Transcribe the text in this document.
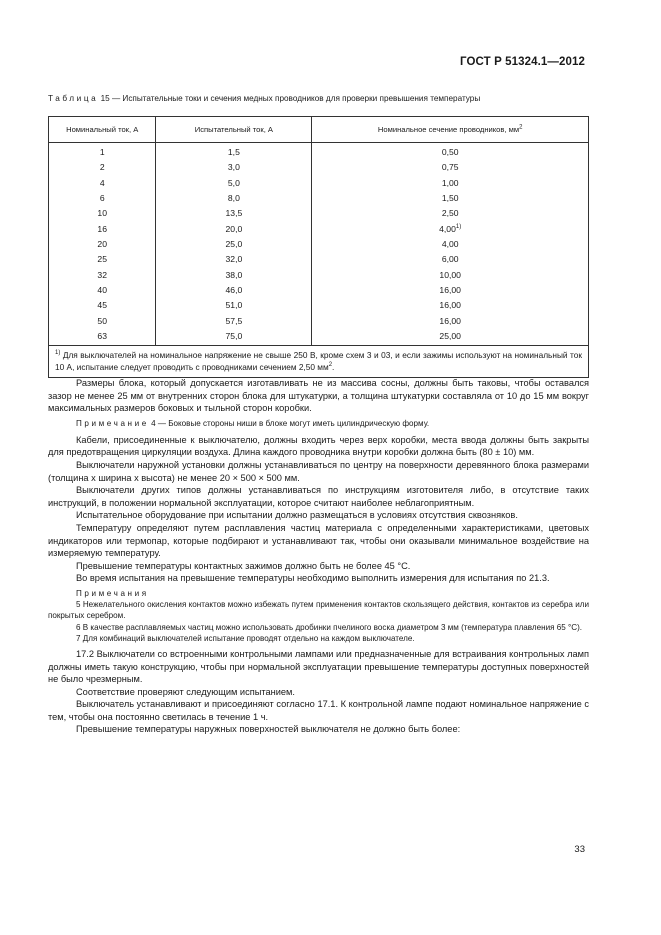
ГОСТ Р 51324.1—2012
Таблица 15 — Испытательные токи и сечения медных проводников для проверки превышения температуры
Номинальный ток, А	Испытательный ток, А	Номинальное сечение проводников, $мм^2$
1	1,5	0,50
2	3,0	0,75
4	5,0	1,00
6	8,0	1,50
10	13,5	2,50
16	20,0	4,00$^{1)}$
20	25,0	4,00
25	32,0	6,00
32	38,0	10,00
40	46,0	16,00
45	51,0	16,00
50	57,5	16,00
63	75,0	25,00
$^{1)}$ Для выключателей на номинальное напряжение не свыше 250 В, кроме схем 3 и 03, и если зажимы используют на номинальный ток 10 А, испытание следует проводить с проводниками сечением 2,50 $мм^2$.		

Размеры блока, который допускается изготавливать не из массива сосны, должны быть таковы, чтобы оставался зазор не менее 25 мм от внутренних сторон блока для штукатурки, а толщина штукатурки составляла от 10 до 15 мм вокруг максимальных размеров боковых и тыльной сторон коробки.

Примечание 4 — Боковые стороны ниши в блоке могут иметь цилиндрическую форму.

Кабели, присоединенные к выключателю, должны входить через верх коробки, места ввода должны быть закрыты для предотвращения циркуляции воздуха. Длина каждого проводника внутри коробки должна быть (80 ± 10) мм.

Выключатели наружной установки должны устанавливаться по центру на поверхности деревянного блока размерами (толщина х ширина х высота) не менее 20 × 500 × 500 мм.

Выключатели других типов должны устанавливаться по инструкциям изготовителя либо, в отсутствие таких инструкций, в положении нормальной эксплуатации, которое считают наиболее неблагоприятным.

Испытательное оборудование при испытании должно размещаться в условиях отсутствия сквозняков.

Температуру определяют путем расплавления частиц материала с определенными характеристиками, цветовых индикаторов или термопар, которые подбирают и устанавливают так, чтобы они оказывали минимальное воздействие на измеряемую температуру.

Превышение температуры контактных зажимов должно быть не более 45 °С.

Во время испытания на превышение температуры необходимо выполнить измерения для испытания по 21.3.

Примечания

5 Нежелательного окисления контактов можно избежать путем применения контактов скользящего действия, контактов из серебра или покрытых серебром.

6 В качестве расплавляемых частиц можно использовать дробинки пчелиного воска диаметром 3 мм (температура плавления 65 °С).

7 Для комбинаций выключателей испытание проводят отдельно на каждом выключателе.

17.2 Выключатели со встроенными контрольными лампами или предназначенные для встраивания контрольных ламп должны иметь такую конструкцию, чтобы при нормальной эксплуатации превышение температуры доступных поверхностей не было чрезмерным.

Соответствие проверяют следующим испытанием.

Выключатель устанавливают и присоединяют согласно 17.1. К контрольной лампе подают номинальное напряжение с тем, чтобы она постоянно светилась в течение 1 ч.

Превышение температуры наружных поверхностей выключателя не должно быть более:

33
